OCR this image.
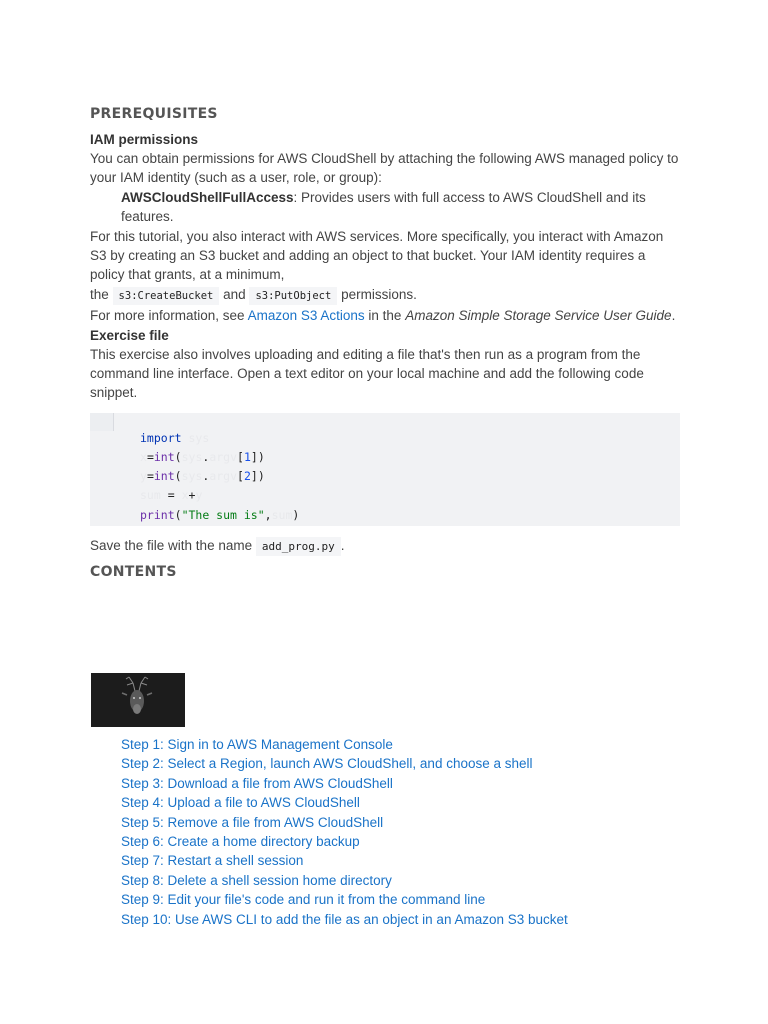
PREREQUISITES
IAM permissions

You can obtain permissions for AWS CloudShell by attaching the following AWS managed policy to your IAM identity (such as a user, role, or group):

AWSCloudShellFullAccess: Provides users with full access to AWS CloudShell and its features.

For this tutorial, you also interact with AWS services. More specifically, you interact with Amazon S3 by creating an S3 bucket and adding an object to that bucket. Your IAM identity requires a policy that grants, at a minimum,

the s3:CreateBucket and s3:PutObject permissions.

For more information, see Amazon S3 Actions in the Amazon Simple Storage Service User Guide.

Exercise file

This exercise also involves uploading and editing a file that's then run as a program from the command line interface. Open a text editor on your local machine and add the following code snippet.

import sys
x=int(sys.argv[1])
y=int(sys.argv[2])
sum = x+y
print("The sum is",sum)

Save the file with the name add_prog.py .

CONTENTS
Step 1: Sign in to AWS Management Console
Step 2: Select a Region, launch AWS CloudShell, and choose a shell
Step 3: Download a file from AWS CloudShell
Step 4: Upload a file to AWS CloudShell
Step 5: Remove a file from AWS CloudShell
Step 6: Create a home directory backup
Step 7: Restart a shell session
Step 8: Delete a shell session home directory
Step 9: Edit your file's code and run it from the command line
Step 10: Use AWS CLI to add the file as an object in an Amazon S3 bucket
